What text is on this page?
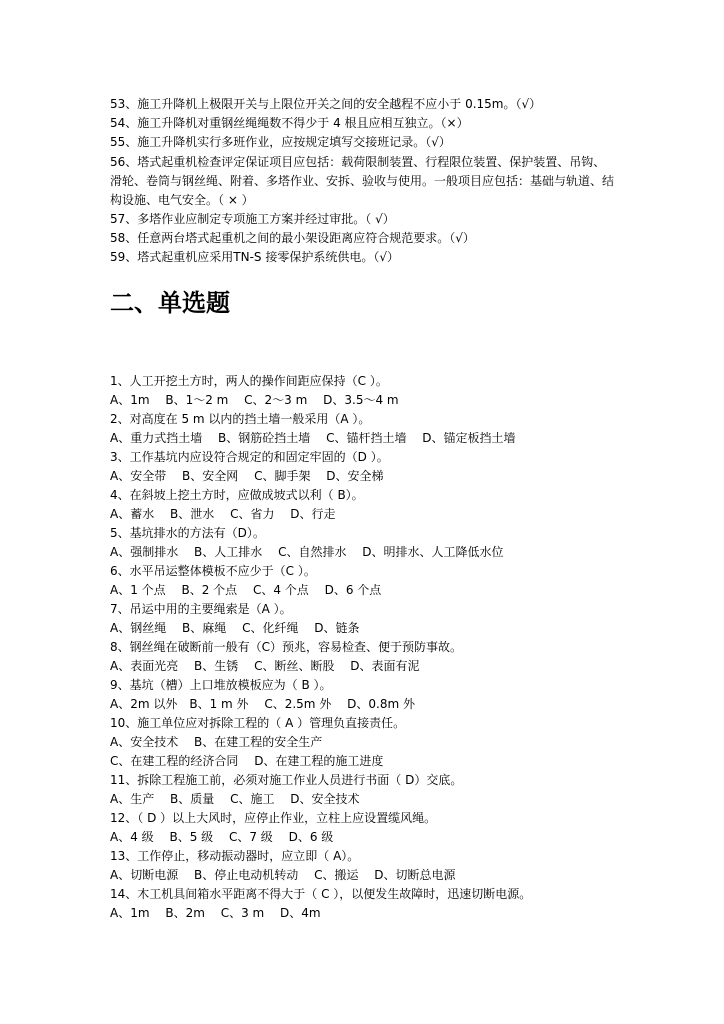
53、施工升降机上极限开关与上限位开关之间的安全越程不应小于 0.15m。（√）
54、施工升降机对重钢丝绳绳数不得少于 4 根且应相互独立。（×）
55、施工升降机实行多班作业，应按规定填写交接班记录。（√）
56、塔式起重机检查评定保证项目应包括：载荷限制装置、行程限位装置、保护装置、吊钩、
滑轮、卷筒与钢丝绳、附着、多塔作业、安拆、验收与使用。一般项目应包括：基础与轨道、结
构设施、电气安全。（ × ）
57、多塔作业应制定专项施工方案并经过审批。（ √）
58、任意两台塔式起重机之间的最小架设距离应符合规范要求。（√）
59、塔式起重机应采用TN-S 接零保护系统供电。（√）
二、单选题
1、人工开挖土方时，两人的操作间距应保持（C ）。
A、1m　 B、1～2 m　 C、2～3 m　 D、3.5～4 m
2、对高度在 5 m 以内的挡土墙一般采用（A ）。
A、重力式挡土墙　 B、钢筋砼挡土墙　 C、锚杆挡土墙　 D、锚定板挡土墙
3、工作基坑内应设符合规定的和固定牢固的（D ）。
A、安全带　 B、安全网　 C、脚手架　 D、安全梯
4、在斜坡上挖土方时，应做成坡式以利（ B）。
A、蓄水　 B、泄水　 C、省力　 D、行走
5、基坑排水的方法有（D）。
A、强制排水　 B、人工排水　 C、自然排水　 D、明排水、人工降低水位
6、水平吊运整体模板不应少于（C ）。
A、1 个点　 B、2 个点　 C、4 个点　 D、6 个点
7、吊运中用的主要绳索是（A ）。
A、钢丝绳　 B、麻绳　 C、化纤绳　 D、链条
8、钢丝绳在破断前一般有（C）预兆，容易检查、便于预防事故。
A、表面光亮　 B、生锈　 C、断丝、断股　 D、表面有泥
9、基坑（槽）上口堆放模板应为（ B ）。
A、2m 以外　B、1 m 外　 C、2.5m 外　 D、0.8m 外
10、施工单位应对拆除工程的（ A ）管理负直接责任。
A、安全技术　 B、在建工程的安全生产
C、在建工程的经济合同　 D、在建工程的施工进度
11、拆除工程施工前，必须对施工作业人员进行书面（ D）交底。
A、生产　 B、质量　 C、施工　 D、安全技术
12、（ D ）以上大风时，应停止作业，立柱上应设置缆风绳。
A、4 级　 B、5 级　 C、7 级　 D、6 级
13、工作停止，移动振动器时，应立即（ A）。
A、切断电源　 B、停止电动机转动　 C、搬运　 D、切断总电源
14、木工机具间箱水平距离不得大于（ C ），以便发生故障时，迅速切断电源。
A、1m　 B、2m　 C、3 m　 D、4m
